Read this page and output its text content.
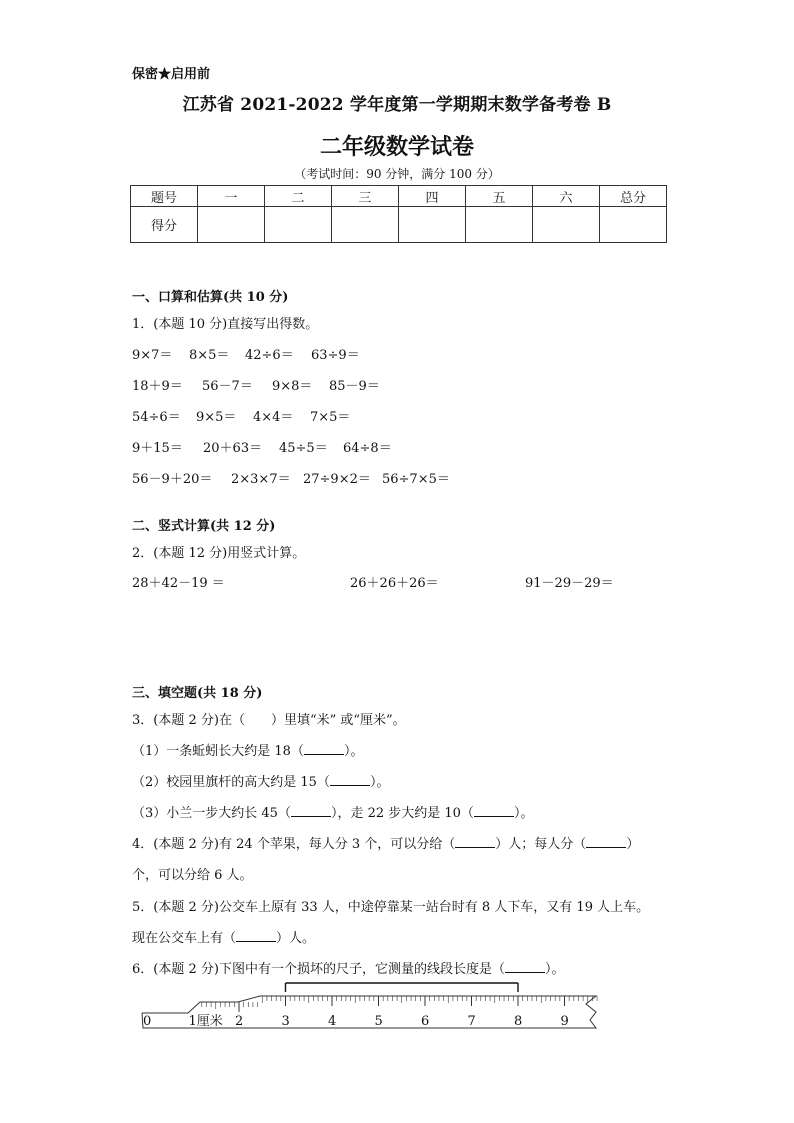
保密★启用前
江苏省 2021-2022 学年度第一学期期末数学备考卷 B
二年级数学试卷
（考试时间：90 分钟，满分 100 分）
题号	一	二	三	四	五	六	总分
得分							
一、口算和估算(共 10 分)
1．(本题 10 分)直接写出得数。
9×7＝	8×5＝	42÷6＝	63÷9＝
18＋9＝	56－7＝	9×8＝	85－9＝
54÷6＝	9×5＝	4×4＝	7×5＝
9＋15＝	20＋63＝	45÷5＝	64÷8＝
56－9＋20＝	2×3×7＝ 27÷9×2＝ 56÷7×5＝
二、竖式计算(共 12 分)
2．(本题 12 分)用竖式计算。
28＋42－19 ＝	26＋26＋26＝	91－29－29＝
三、填空题(共 18 分)
3．(本题 2 分)在（　　）里填“米” 或“厘米”。
（1）一条蚯蚓长大约是 18（	）。
（2）校园里旗杆的高大约是 15（	）。
（3）小兰一步大约长 45（	），走 22 步大约是 10（	）。
4．(本题 2 分)有 24 个苹果，每人分 3 个，可以分给（	）人；每人分（	）
个，可以分给 6 人。
5．(本题 2 分)公交车上原有 33 人，中途停靠某一站台时有 8 人下车，又有 19 人上车。
现在公交车上有（	）人。
6．(本题 2 分)下图中有一个损坏的尺子，它测量的线段长度是（	）。
0	1厘米 2	3	4	5	6	7	8	9
